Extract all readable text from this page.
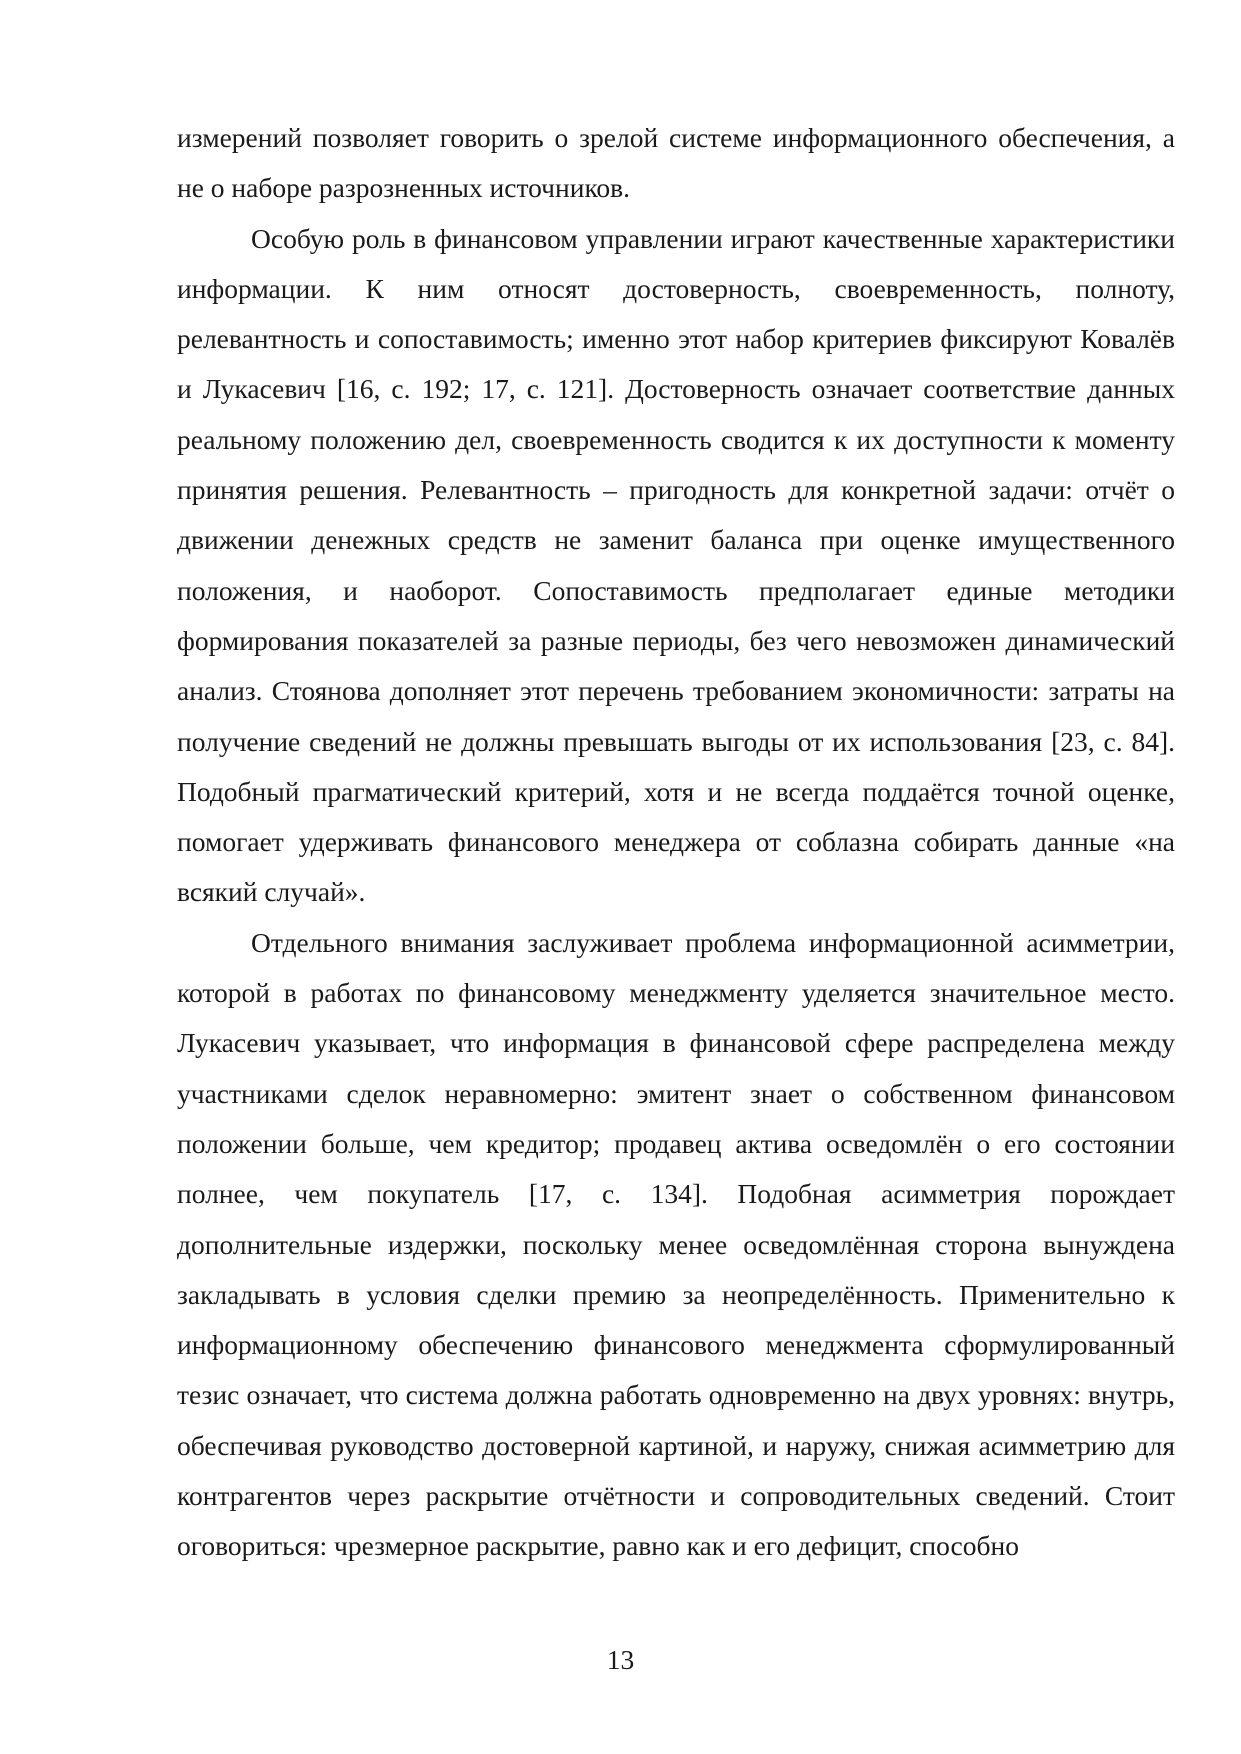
измерений позволяет говорить о зрелой системе информационного обеспечения, а не о наборе разрозненных источников.

Особую роль в финансовом управлении играют качественные характеристики информации. К ним относят достоверность, своевременность, полноту, релевантность и сопоставимость; именно этот набор критериев фиксируют Ковалёв и Лукасевич [16, с. 192; 17, с. 121]. Достоверность означает соответствие данных реальному положению дел, своевременность сводится к их доступности к моменту принятия решения. Релевантность – пригодность для конкретной задачи: отчёт о движении денежных средств не заменит баланса при оценке имущественного положения, и наоборот. Сопоставимость предполагает единые методики формирования показателей за разные периоды, без чего невозможен динамический анализ. Стоянова дополняет этот перечень требованием экономичности: затраты на получение сведений не должны превышать выгоды от их использования [23, с. 84]. Подобный прагматический критерий, хотя и не всегда поддаётся точной оценке, помогает удерживать финансового менеджера от соблазна собирать данные «на всякий случай».

Отдельного внимания заслуживает проблема информационной асимметрии, которой в работах по финансовому менеджменту уделяется значительное место. Лукасевич указывает, что информация в финансовой сфере распределена между участниками сделок неравномерно: эмитент знает о собственном финансовом положении больше, чем кредитор; продавец актива осведомлён о его состоянии полнее, чем покупатель [17, с. 134]. Подобная асимметрия порождает дополнительные издержки, поскольку менее осведомлённая сторона вынуждена закладывать в условия сделки премию за неопределённость. Применительно к информационному обеспечению финансового менеджмента сформулированный тезис означает, что система должна работать одновременно на двух уровнях: внутрь, обеспечивая руководство достоверной картиной, и наружу, снижая асимметрию для контрагентов через раскрытие отчётности и сопроводительных сведений. Стоит оговориться: чрезмерное раскрытие, равно как и его дефицит, способно

13
